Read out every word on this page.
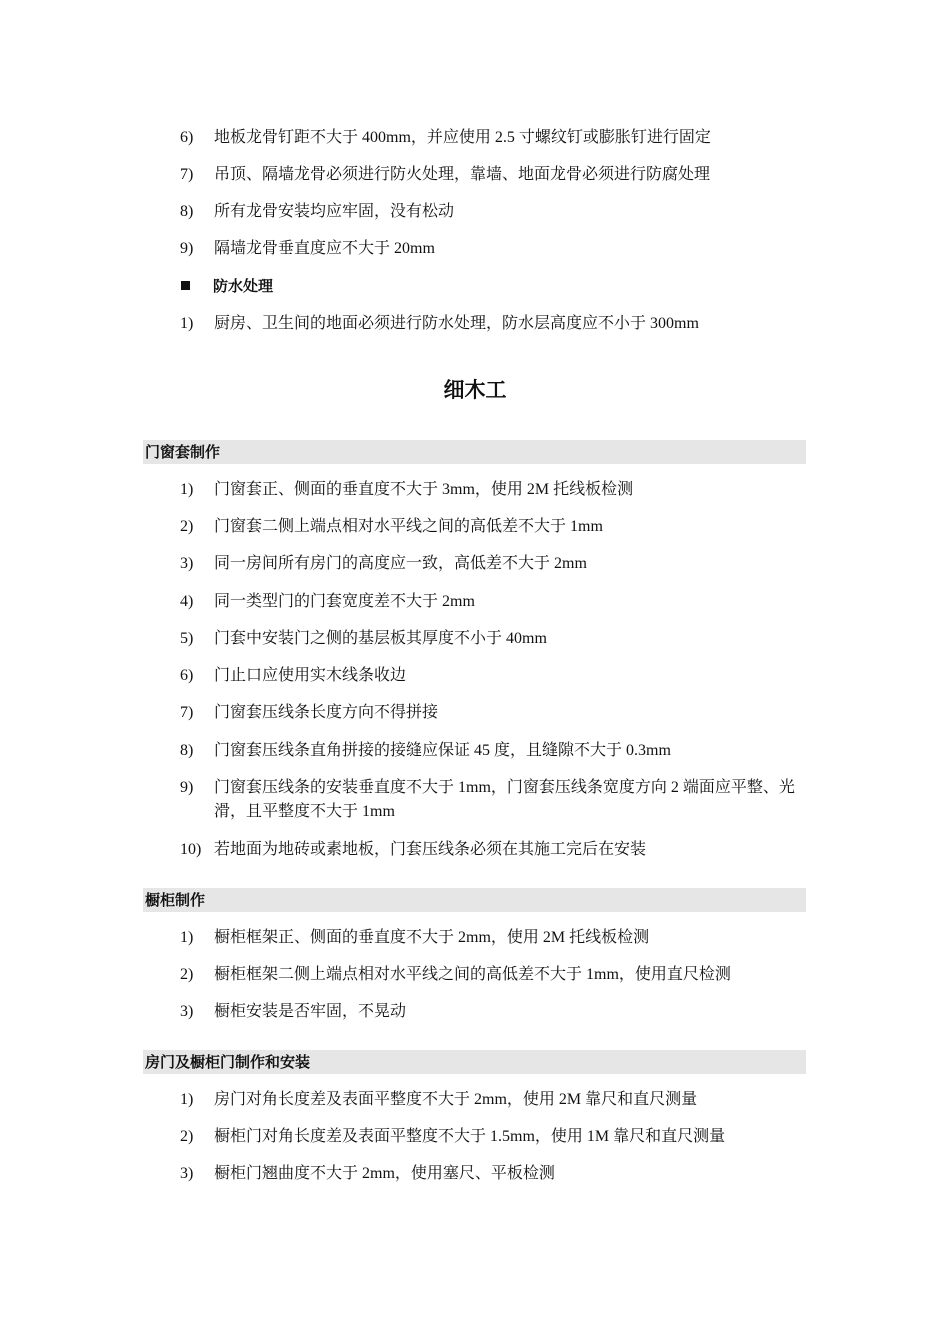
6)	地板龙骨钉距不大于 400mm，并应使用 2.5 寸螺纹钉或膨胀钉进行固定
7)	吊顶、隔墙龙骨必须进行防火处理，靠墙、地面龙骨必须进行防腐处理
8)	所有龙骨安装均应牢固，没有松动
9)	隔墙龙骨垂直度应不大于 20mm
防水处理
1)	厨房、卫生间的地面必须进行防水处理，防水层高度应不小于 300mm
细木工
门窗套制作
1)	门窗套正、侧面的垂直度不大于 3mm，使用 2M 托线板检测
2)	门窗套二侧上端点相对水平线之间的高低差不大于 1mm
3)	同一房间所有房门的高度应一致，高低差不大于 2mm
4)	同一类型门的门套宽度差不大于 2mm
5)	门套中安装门之侧的基层板其厚度不小于 40mm
6)	门止口应使用实木线条收边
7)	门窗套压线条长度方向不得拼接
8)	门窗套压线条直角拼接的接缝应保证 45 度，且缝隙不大于 0.3mm
9)	门窗套压线条的安装垂直度不大于 1mm，门窗套压线条宽度方向 2 端面应平整、光滑，且平整度不大于 1mm
10) 若地面为地砖或素地板，门套压线条必须在其施工完后在安装
橱柜制作
1)	橱柜框架正、侧面的垂直度不大于 2mm，使用 2M 托线板检测
2)	橱柜框架二侧上端点相对水平线之间的高低差不大于 1mm，使用直尺检测
3)	橱柜安装是否牢固，不晃动
房门及橱柜门制作和安装
1)	房门对角长度差及表面平整度不大于 2mm，使用 2M 靠尺和直尺测量
2)	橱柜门对角长度差及表面平整度不大于 1.5mm，使用 1M 靠尺和直尺测量
3)	橱柜门翘曲度不大于 2mm，使用塞尺、平板检测
